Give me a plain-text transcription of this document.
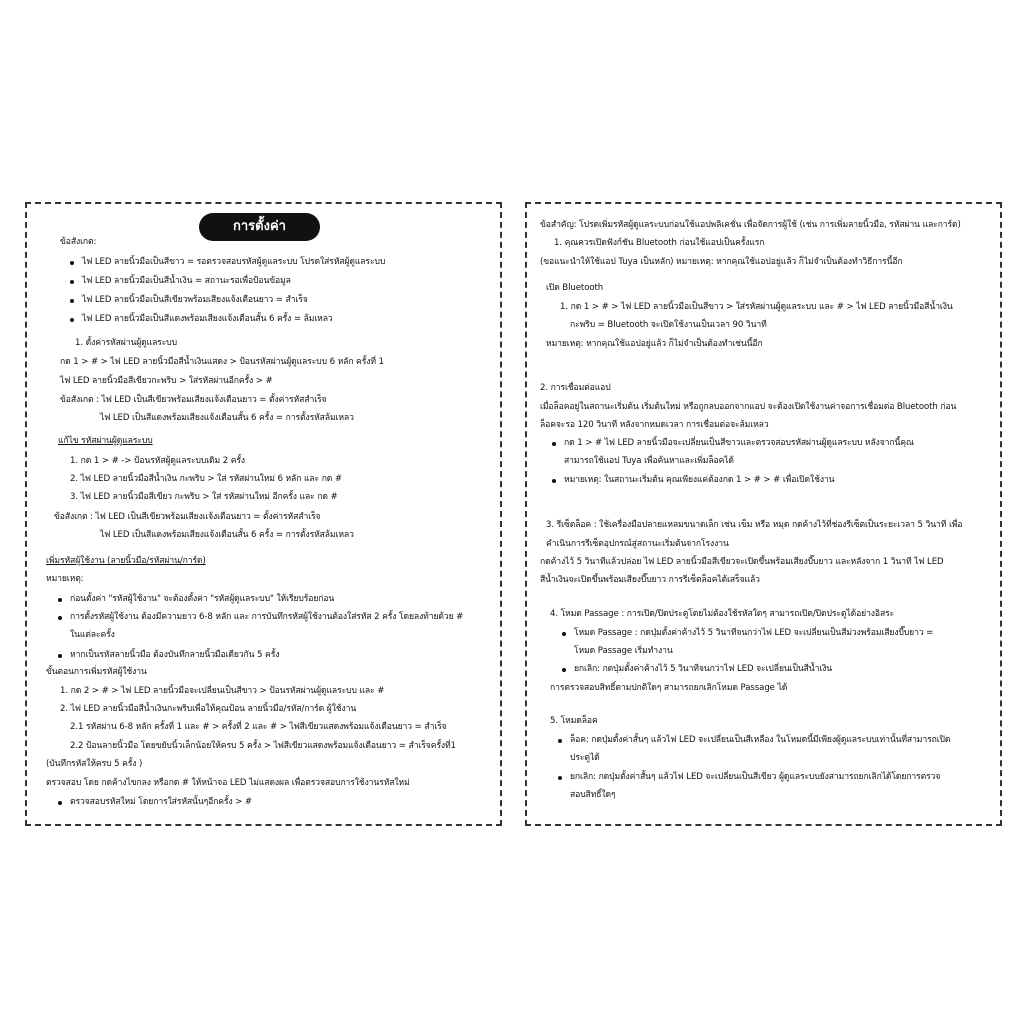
การตั้งค่า
ข้อสังเกต:
ไฟ LED ลายนิ้วมือเป็นสีขาว = รอตรวจสอบรหัสผู้ดูแลระบบ โปรดใส่รหัสผู้ดูแลระบบ
ไฟ LED ลายนิ้วมือเป็นสีน้ำเงิน = สถานะรอเพื่อป้อนข้อมูล
ไฟ LED ลายนิ้วมือเป็นสีเขียวพร้อมเสียงแจ้งเตือนยาว = สำเร็จ
ไฟ LED ลายนิ้วมือเป็นสีแดงพร้อมเสียงแจ้งเตือนสั้น 6 ครั้ง = ล้มเหลว
1. ตั้งค่ารหัสผ่านผู้ดูแลระบบ
กด 1 > # > ไฟ LED ลายนิ้วมือสีน้ำเงินแสดง > ป้อนรหัสผ่านผู้ดูแลระบบ 6 หลัก ครั้งที่ 1
ไฟ LED ลายนิ้วมือสีเขียวกะพริบ > ใส่รหัสผ่านอีกครั้ง > #
ข้อสังเกต : ไฟ LED เป็นสีเขียวพร้อมเสียงแจ้งเตือนยาว = ตั้งค่ารหัสสำเร็จ
ไฟ LED เป็นสีแดงพร้อมเสียงแจ้งเตือนสั้น 6 ครั้ง = การตั้งรหัสล้มเหลว
แก้ไข รหัสผ่านผู้ดูแลระบบ
1. กด 1 > # -> ป้อนรหัสผู้ดูแลระบบเดิม 2 ครั้ง
2. ไฟ LED ลายนิ้วมือสีน้ำเงิน กะพริบ > ใส่ รหัสผ่านใหม่ 6 หลัก และ กด #
3. ไฟ LED ลายนิ้วมือสีเขียว กะพริบ > ใส่ รหัสผ่านใหม่ อีกครั้ง และ กด #
ข้อสังเกต : ไฟ LED เป็นสีเขียวพร้อมเสียงแจ้งเตือนยาว = ตั้งค่ารหัสสำเร็จ
ไฟ LED เป็นสีแดงพร้อมเสียงแจ้งเตือนสั้น 6 ครั้ง = การตั้งรหัสล้มเหลว
เพิ่มรหัสผู้ใช้งาน (ลายนิ้วมือ/รหัสผ่าน/การ์ด)
หมายเหตุ:
ก่อนตั้งค่า "รหัสผู้ใช้งาน" จะต้องตั้งค่า "รหัสผู้ดูแลระบบ" ให้เรียบร้อยก่อน
การตั้งรหัสผู้ใช้งาน ต้องมีความยาว 6-8 หลัก และ การบันทึกรหัสผู้ใช้งานต้องใส่รหัส 2 ครั้ง โดยลงท้ายด้วย #
ในแต่ละครั้ง
หากเป็นรหัสลายนิ้วมือ ต้องบันทึกลายนิ้วมือเดียวกัน 5 ครั้ง
ขั้นตอนการเพิ่มรหัสผู้ใช้งาน
1. กด 2 > # > ไฟ LED ลายนิ้วมือจะเปลี่ยนเป็นสีขาว > ป้อนรหัสผ่านผู้ดูแลระบบ และ #
2. ไฟ LED ลายนิ้วมือสีน้ำเงินกะพริบเพื่อให้คุณป้อน ลายนิ้วมือ/รหัส/การ์ด ผู้ใช้งาน
2.1 รหัสผ่าน 6-8 หลัก ครั้งที่ 1 และ # > ครั้งที่ 2 และ # > ไฟสีเขียวแสดงพร้อมแจ้งเตือนยาว = สำเร็จ
2.2 ป้อนลายนิ้วมือ โดยขยับนิ้วเล็กน้อยให้ครบ 5 ครั้ง > ไฟสีเขียวแสดงพร้อมแจ้งเตือนยาว = สำเร็จครั้งที่1
(บันทึกรหัสให้ครบ 5 ครั้ง )
ตรวจสอบ โดย กดค้างไขกลง หรือกด # ให้หน้าจอ LED ไม่แสดงผล เพื่อตรวจสอบการใช้งานรหัสใหม่
ตรวจสอบรหัสใหม่ โดยการใส่รหัสนั้นๆอีกครั้ง > #
ข้อสำคัญ: โปรดเพิ่มรหัสผู้ดูแลระบบก่อนใช้แอปพลิเคชั่น เพื่อจัดการผู้ใช้ (เช่น การเพิ่มลายนิ้วมือ, รหัสผ่าน และการ์ด)
1. คุณควรเปิดฟังก์ชัน Bluetooth ก่อนใช้แอปเป็นครั้งแรก
(ขอแนะนำให้ใช้แอป Tuya เป็นหลัก) หมายเหตุ: หากคุณใช้แอปอยู่แล้ว ก็ไม่จำเป็นต้องทำวิธีการนี้อีก
เปิด Bluetooth
1. กด 1 > # > ไฟ LED ลายนิ้วมือเป็นสีขาว > ใส่รหัสผ่านผู้ดูแลระบบ และ # > ไฟ LED ลายนิ้วมือสีน้ำเงิน
กะพริบ = Bluetooth จะเปิดใช้งานเป็นเวลา 90 วินาที
หมายเหตุ: หากคุณใช้แอปอยู่แล้ว ก็ไม่จำเป็นต้องทำเช่นนี้อีก
2. การเชื่อมต่อแอป
เมื่อล็อคอยู่ในสถานะเริ่มต้น เริ่มต้นใหม่ หรือถูกลบออกจากแอป จะต้องเปิดใช้งานค่าจอการเชื่อมต่อ Bluetooth ก่อน
ล็อคจะรอ 120 วินาที หลังจากหมดเวลา การเชื่อมต่อจะล้มเหลว
กด 1 > # ไฟ LED ลายนิ้วมือจะเปลี่ยนเป็นสีขาวและตรวจสอบรหัสผ่านผู้ดูแลระบบ หลังจากนี้คุณ
สามารถใช้แอป Tuya เพื่อค้นหาและเพิ่มล็อคได้
หมายเหตุ: ในสถานะเริ่มต้น คุณเพียงแค่ต้องกด 1 > # > # เพื่อเปิดใช้งาน
3. รีเซ็ตล็อค : ใช้เครื่องมือปลายแหลมขนาดเล็ก เช่น เข็ม หรือ หมุด กดค้างไว้ที่ช่องรีเซ็ตเป็นระยะเวลา 5 วินาที เพื่อ
คำเนินการรีเซ็ตอุปกรณ์สู่สถานะเริ่มต้นจากโรงงาน
กดค้างไว้ 5 วินาทีแล้วปล่อย ไฟ LED ลายนิ้วมือสีเขียวจะเปิดขึ้นพร้อมเสียงบี๊บยาว และหลังจาก 1 วินาที ไฟ LED
สีน้ำเงินจะเปิดขึ้นพร้อมเสียงบี๊บยาว การรีเซ็ตล็อคได้เสร็จแล้ว
4. โหมด Passage : การเปิด/ปิดประตูโดยไม่ต้องใช้รหัสใดๆ สามารถเปิด/ปิดประตูได้อย่างอิสระ
โหมด Passage : กดปุ่มตั้งค่าค้างไว้ 5 วินาทีจนกว่าไฟ LED จะเปลี่ยนเป็นสีม่วงพร้อมเสียงบี๊บยาว =
โหมด Passage เริ่มทำงาน
ยกเลิก: กดปุ่มตั้งค่าค้างไว้ 5 วินาทีจนกว่าไฟ LED จะเปลี่ยนเป็นสีน้ำเงิน
การตรวจสอบสิทธิ์ตามปกติใดๆ สามารถยกเลิกโหมด Passage ได้
5. โหมดล็อค
ล็อค: กดปุ่มตั้งค่าสั้นๆ แล้วไฟ LED จะเปลี่ยนเป็นสีเหลือง ในโหมดนี้มีเพียงผู้ดูแลระบบเท่านั้นที่สามารถเปิด
ประตูได้
ยกเลิก: กดปุ่มตั้งค่าสั้นๆ แล้วไฟ LED จะเปลี่ยนเป็นสีเขียว ผู้ดูแลระบบยังสามารถยกเลิกได้โดยการตรวจ
สอบสิทธิ์ใดๆ
